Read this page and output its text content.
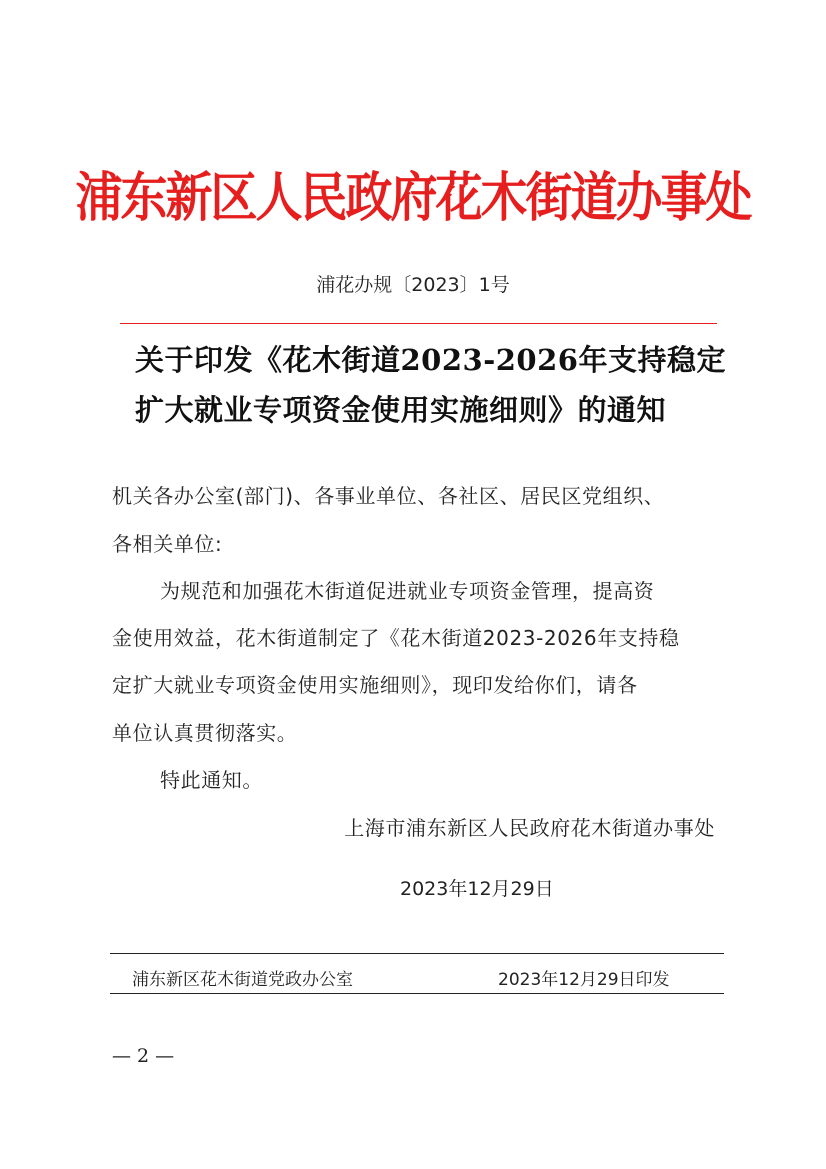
浦东新区人民政府花木街道办事处
浦花办规〔2023〕1号
关于印发《花木街道2023-2026年支持稳定
扩大就业专项资金使用实施细则》的通知
机关各办公室(部门)、各事业单位、各社区、居民区党组织、
各相关单位:
为规范和加强花木街道促进就业专项资金管理，提高资
金使用效益，花木街道制定了《花木街道2023-2026年支持稳
定扩大就业专项资金使用实施细则》，现印发给你们，请各
单位认真贯彻落实。
特此通知。
上海市浦东新区人民政府花木街道办事处
2023年12月29日
浦东新区花木街道党政办公室	2023年12月29日印发
— 2 —
